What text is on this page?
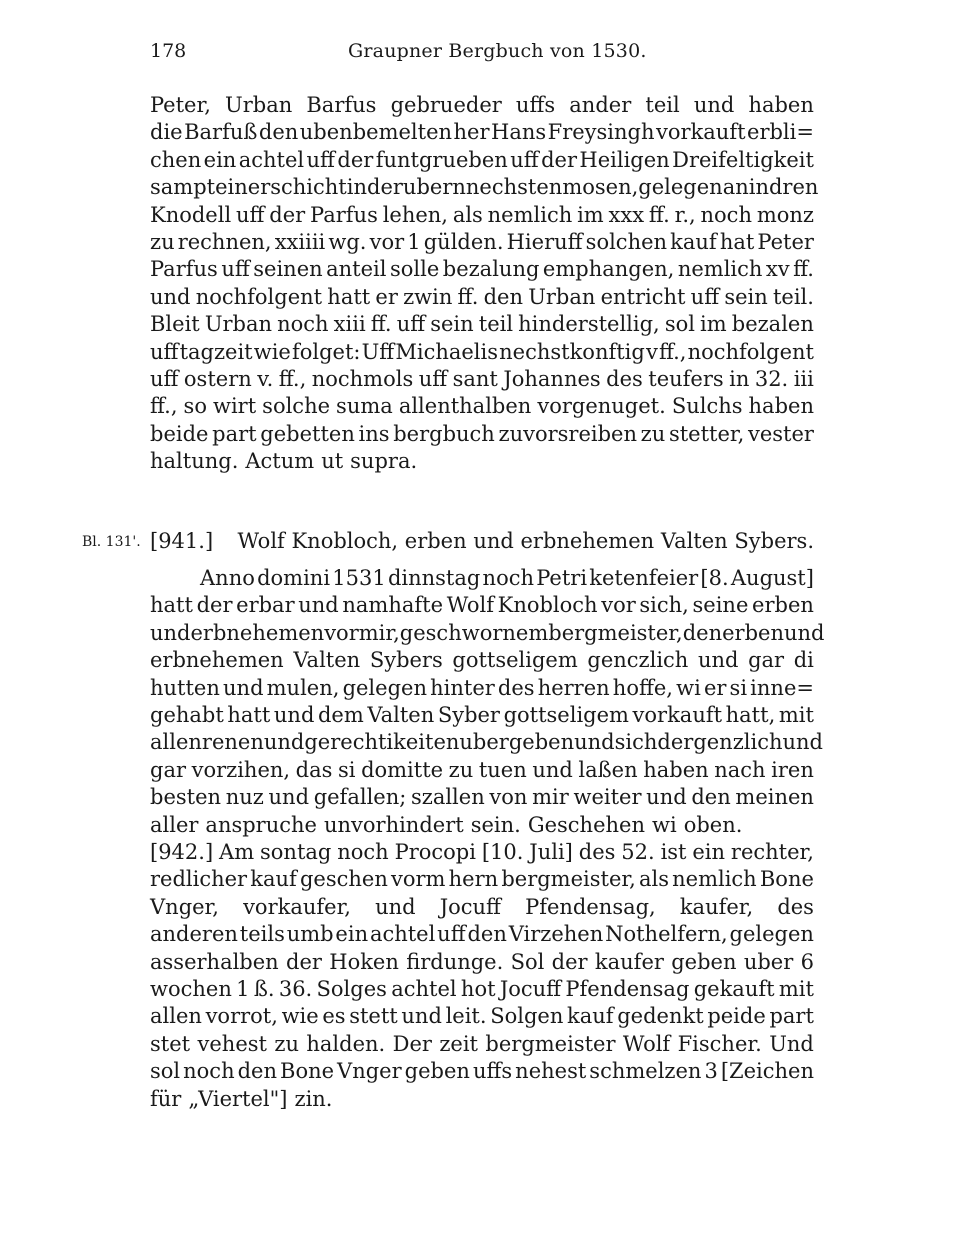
178	Graupner Bergbuch von 1530.
Peter, Urban Barfus gebrueder uffs ander teil und haben
die Barfuß den ubenbemelten her Hans Freysingh vorkauft erbli=
chen ein achtel uff der funtgrueben uff der Heiligen Dreifeltigkeit
sampt einer schicht in der ubern nechsten mosen, gelegen an indren
Knodell uff der Parfus lehen, als nemlich im xxx ff. r., noch monz
zu rechnen, xxiiii wg. vor 1 gülden. Hieruff solchen kauf hat Peter
Parfus uff seinen anteil solle bezalung emphangen, nemlich xv ff.
und nochfolgent hatt er zwin ff. den Urban entricht uff sein teil.
Bleit Urban noch xiii ff. uff sein teil hinderstellig, sol im bezalen
uff tagzeit wie folget: Uff Michaelis nechstkonftig v ff., nochfolgent
uff ostern v. ff., nochmols uff sant Johannes des teufers in 32. iii
ff., so wirt solche suma allenthalben vorgenuget. Sulchs haben
beide part gebetten ins bergbuch zuvorsreiben zu stetter, vester
haltung. Actum ut supra.
Bl. 131'. [941.] Wolf Knobloch, erben und erbnehemen Valten Sybers.
Anno domini 1531 dinnstag noch Petri ketenfeier [8. August]
hatt der erbar und namhafte Wolf Knobloch vor sich, seine erben
und erbnehemen vor mir, geschwornem bergmeister, den erben und
erbnehemen Valten Sybers gottseligem genczlich und gar di
hutten und mulen, gelegen hinter des herren hoffe, wi er si inne=
gehabt hatt und dem Valten Syber gottseligem vorkauft hatt, mit
allen renen und gerechtikeiten ubergeben und sich der genzlich und
gar vorzihen, das si domitte zu tuen und laßen haben nach iren
besten nuz und gefallen; szallen von mir weiter und den meinen
aller anspruche unvorhindert sein. Geschehen wi oben.
[942.] Am sontag noch Procopi [10. Juli] des 52. ist ein rechter,
redlicher kauf geschen vorm hern bergmeister, als nemlich Bone
Vnger, vorkaufer, und Jocuff Pfendensag, kaufer, des
anderen teils umb ein achtel uff den Virzehen Nothelfern, gelegen
asserhalben der Hoken firdunge. Sol der kaufer geben uber 6
wochen 1 ß. 36. Solges achtel hot Jocuff Pfendensag gekauft mit
allen vorrot, wie es stett und leit. Solgen kauf gedenkt peide part
stet vehest zu halden. Der zeit bergmeister Wolf Fischer. Und
sol noch den Bone Vnger geben uffs nehest schmelzen 3 [Zeichen
für „Viertel"] zin.
